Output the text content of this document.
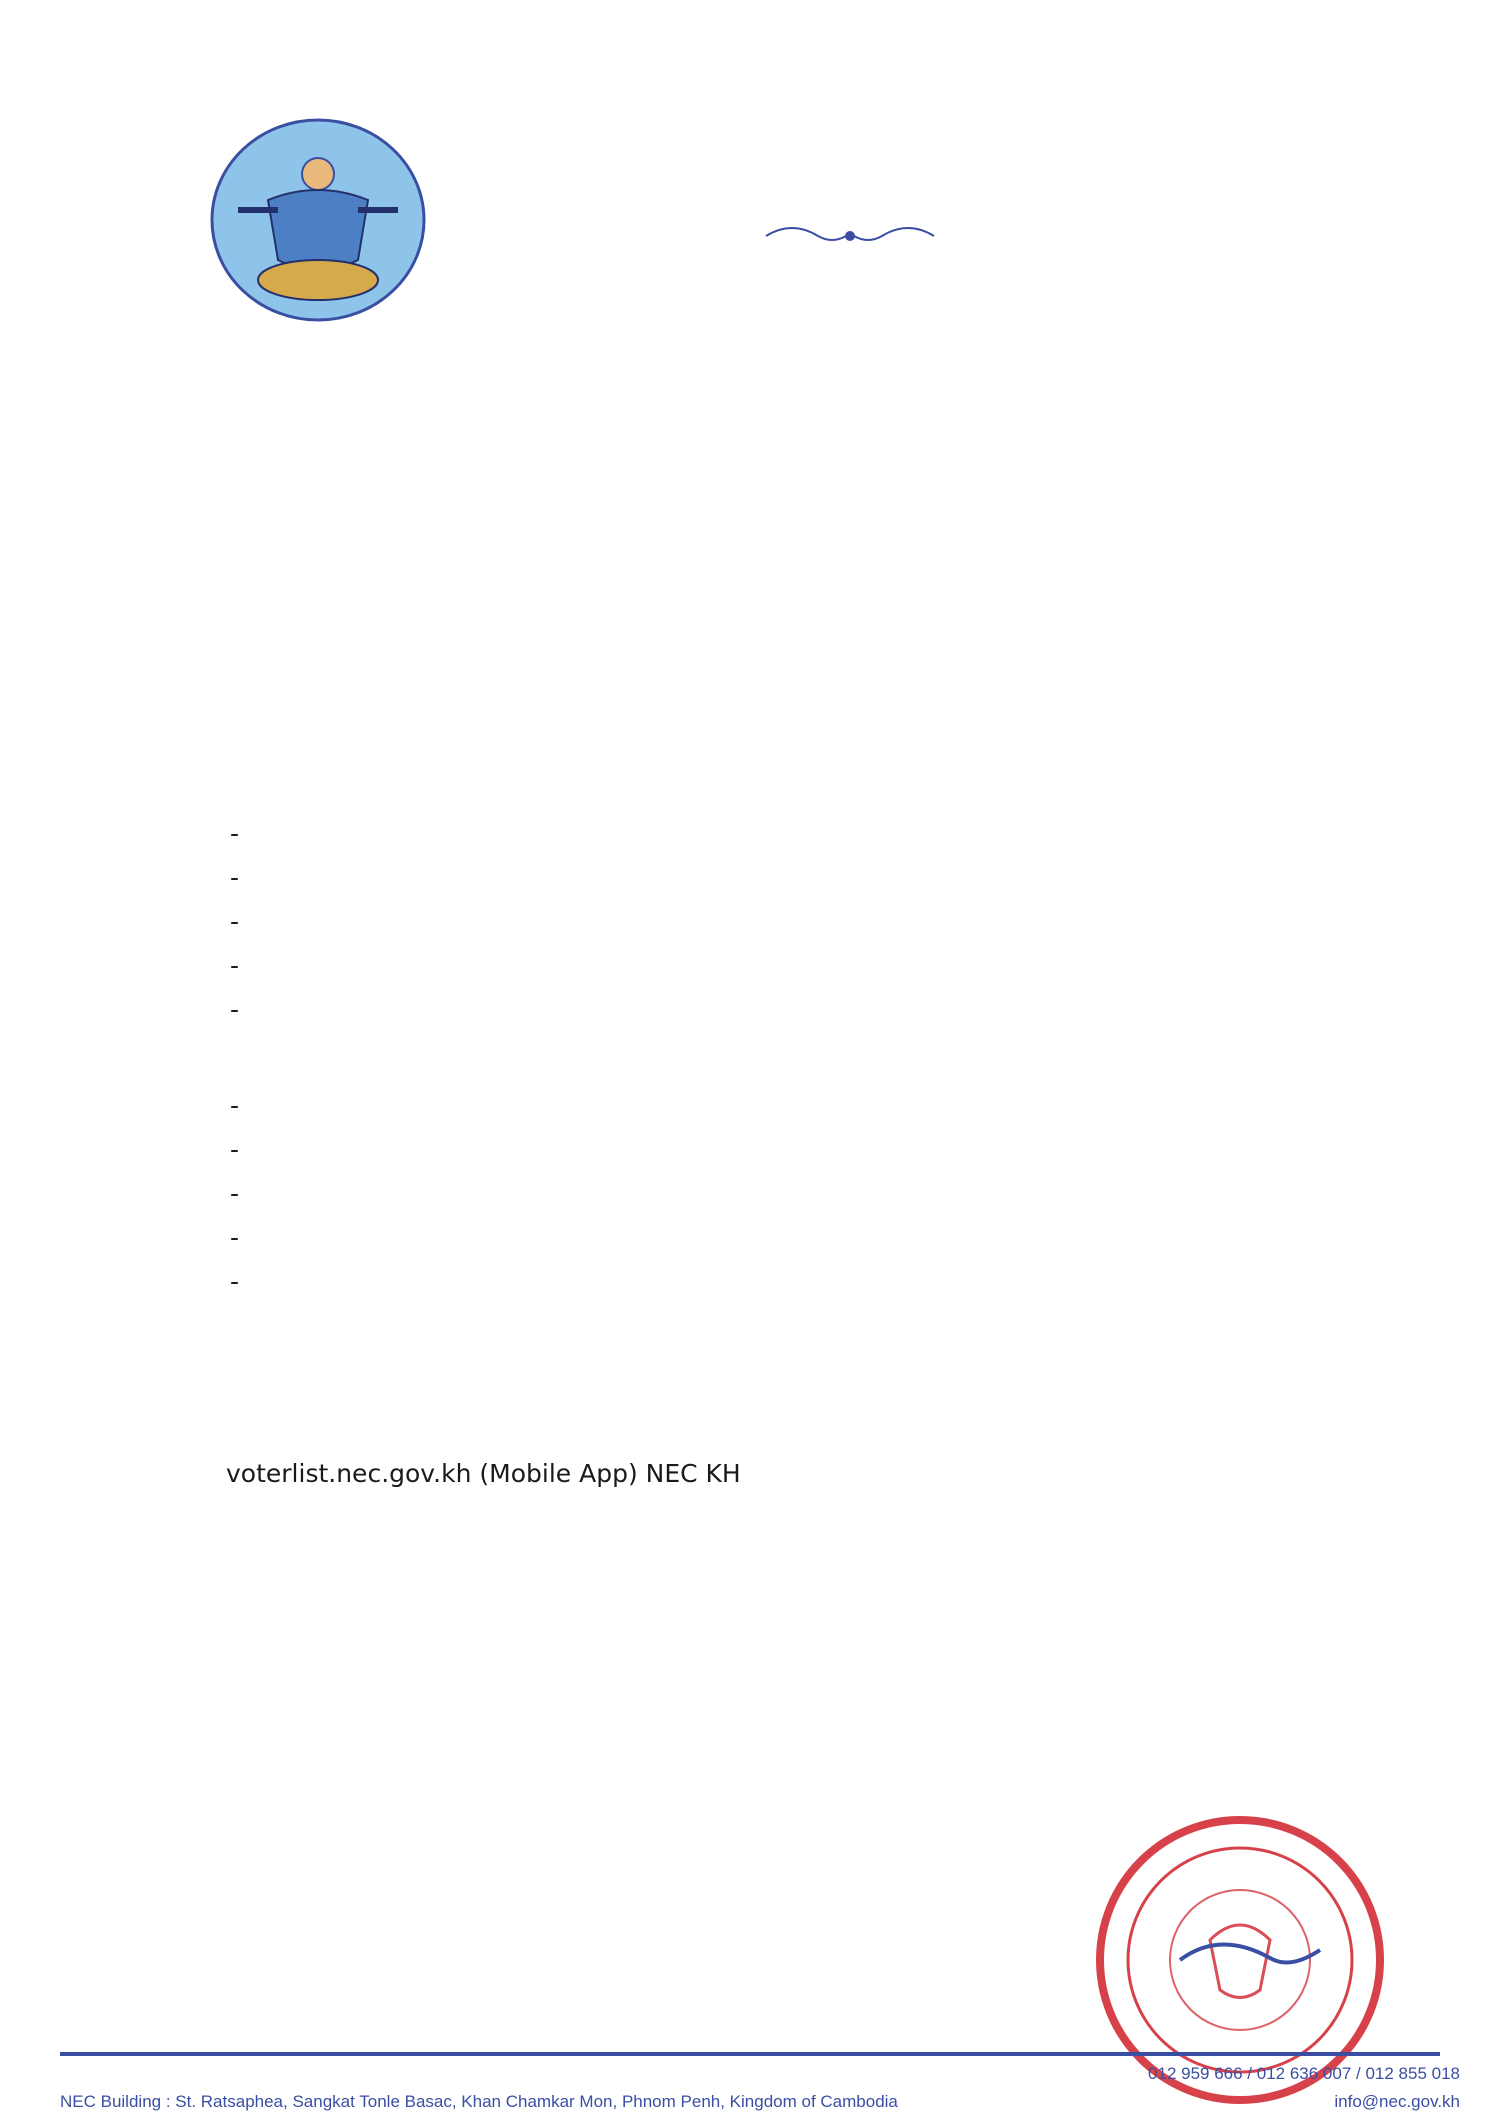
-
-
-
-
-
-
-
-
-
-
voterlist.nec.gov.kh (Mobile App) NEC KH
NEC Building : St. Ratsaphea, Sangkat Tonle Basac, Khan Chamkar Mon, Phnom Penh, Kingdom of Cambodia
012 959 666 / 012 636 007 / 012 855 018
info@nec.gov.kh
